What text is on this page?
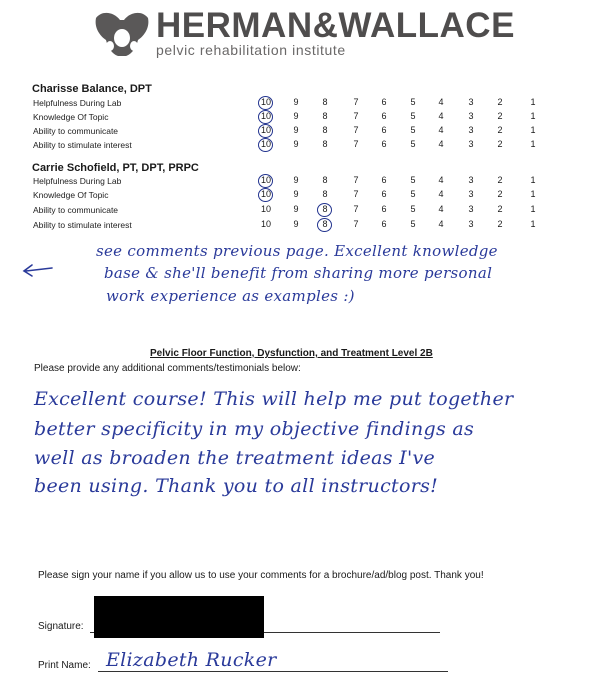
HERMAN&WALLACE
pelvic rehabilitation institute
Charisse Balance, DPT
Helpfulness During Lab	10	9	8	7	6	5	4	3	2	1
Knowledge Of Topic	10	9	8	7	6	5	4	3	2	1
Ability to communicate	10	9	8	7	6	5	4	3	2	1
Ability to stimulate interest	10	9	8	7	6	5	4	3	2	1
Carrie Schofield, PT, DPT, PRPC
Helpfulness During Lab	10	9	8	7	6	5	4	3	2	1
Knowledge Of Topic	10	9	8	7	6	5	4	3	2	1
Ability to communicate	10	9	8	7	6	5	4	3	2	1
Ability to stimulate interest	10	9	8	7	6	5	4	3	2	1
see comments previous page. Excellent knowledge
base & she'll benefit from sharing more personal
work experience as examples :)
Pelvic Floor Function, Dysfunction, and Treatment Level 2B
Please provide any additional comments/testimonials below:
Excellent course! This will help me put together
better specificity in my objective findings as
well as broaden the treatment ideas I've
been using. Thank you to all instructors!
Please sign your name if you allow us to use your comments for a brochure/ad/blog post. Thank you!
Signature:
Print Name: Elizabeth Rucker
